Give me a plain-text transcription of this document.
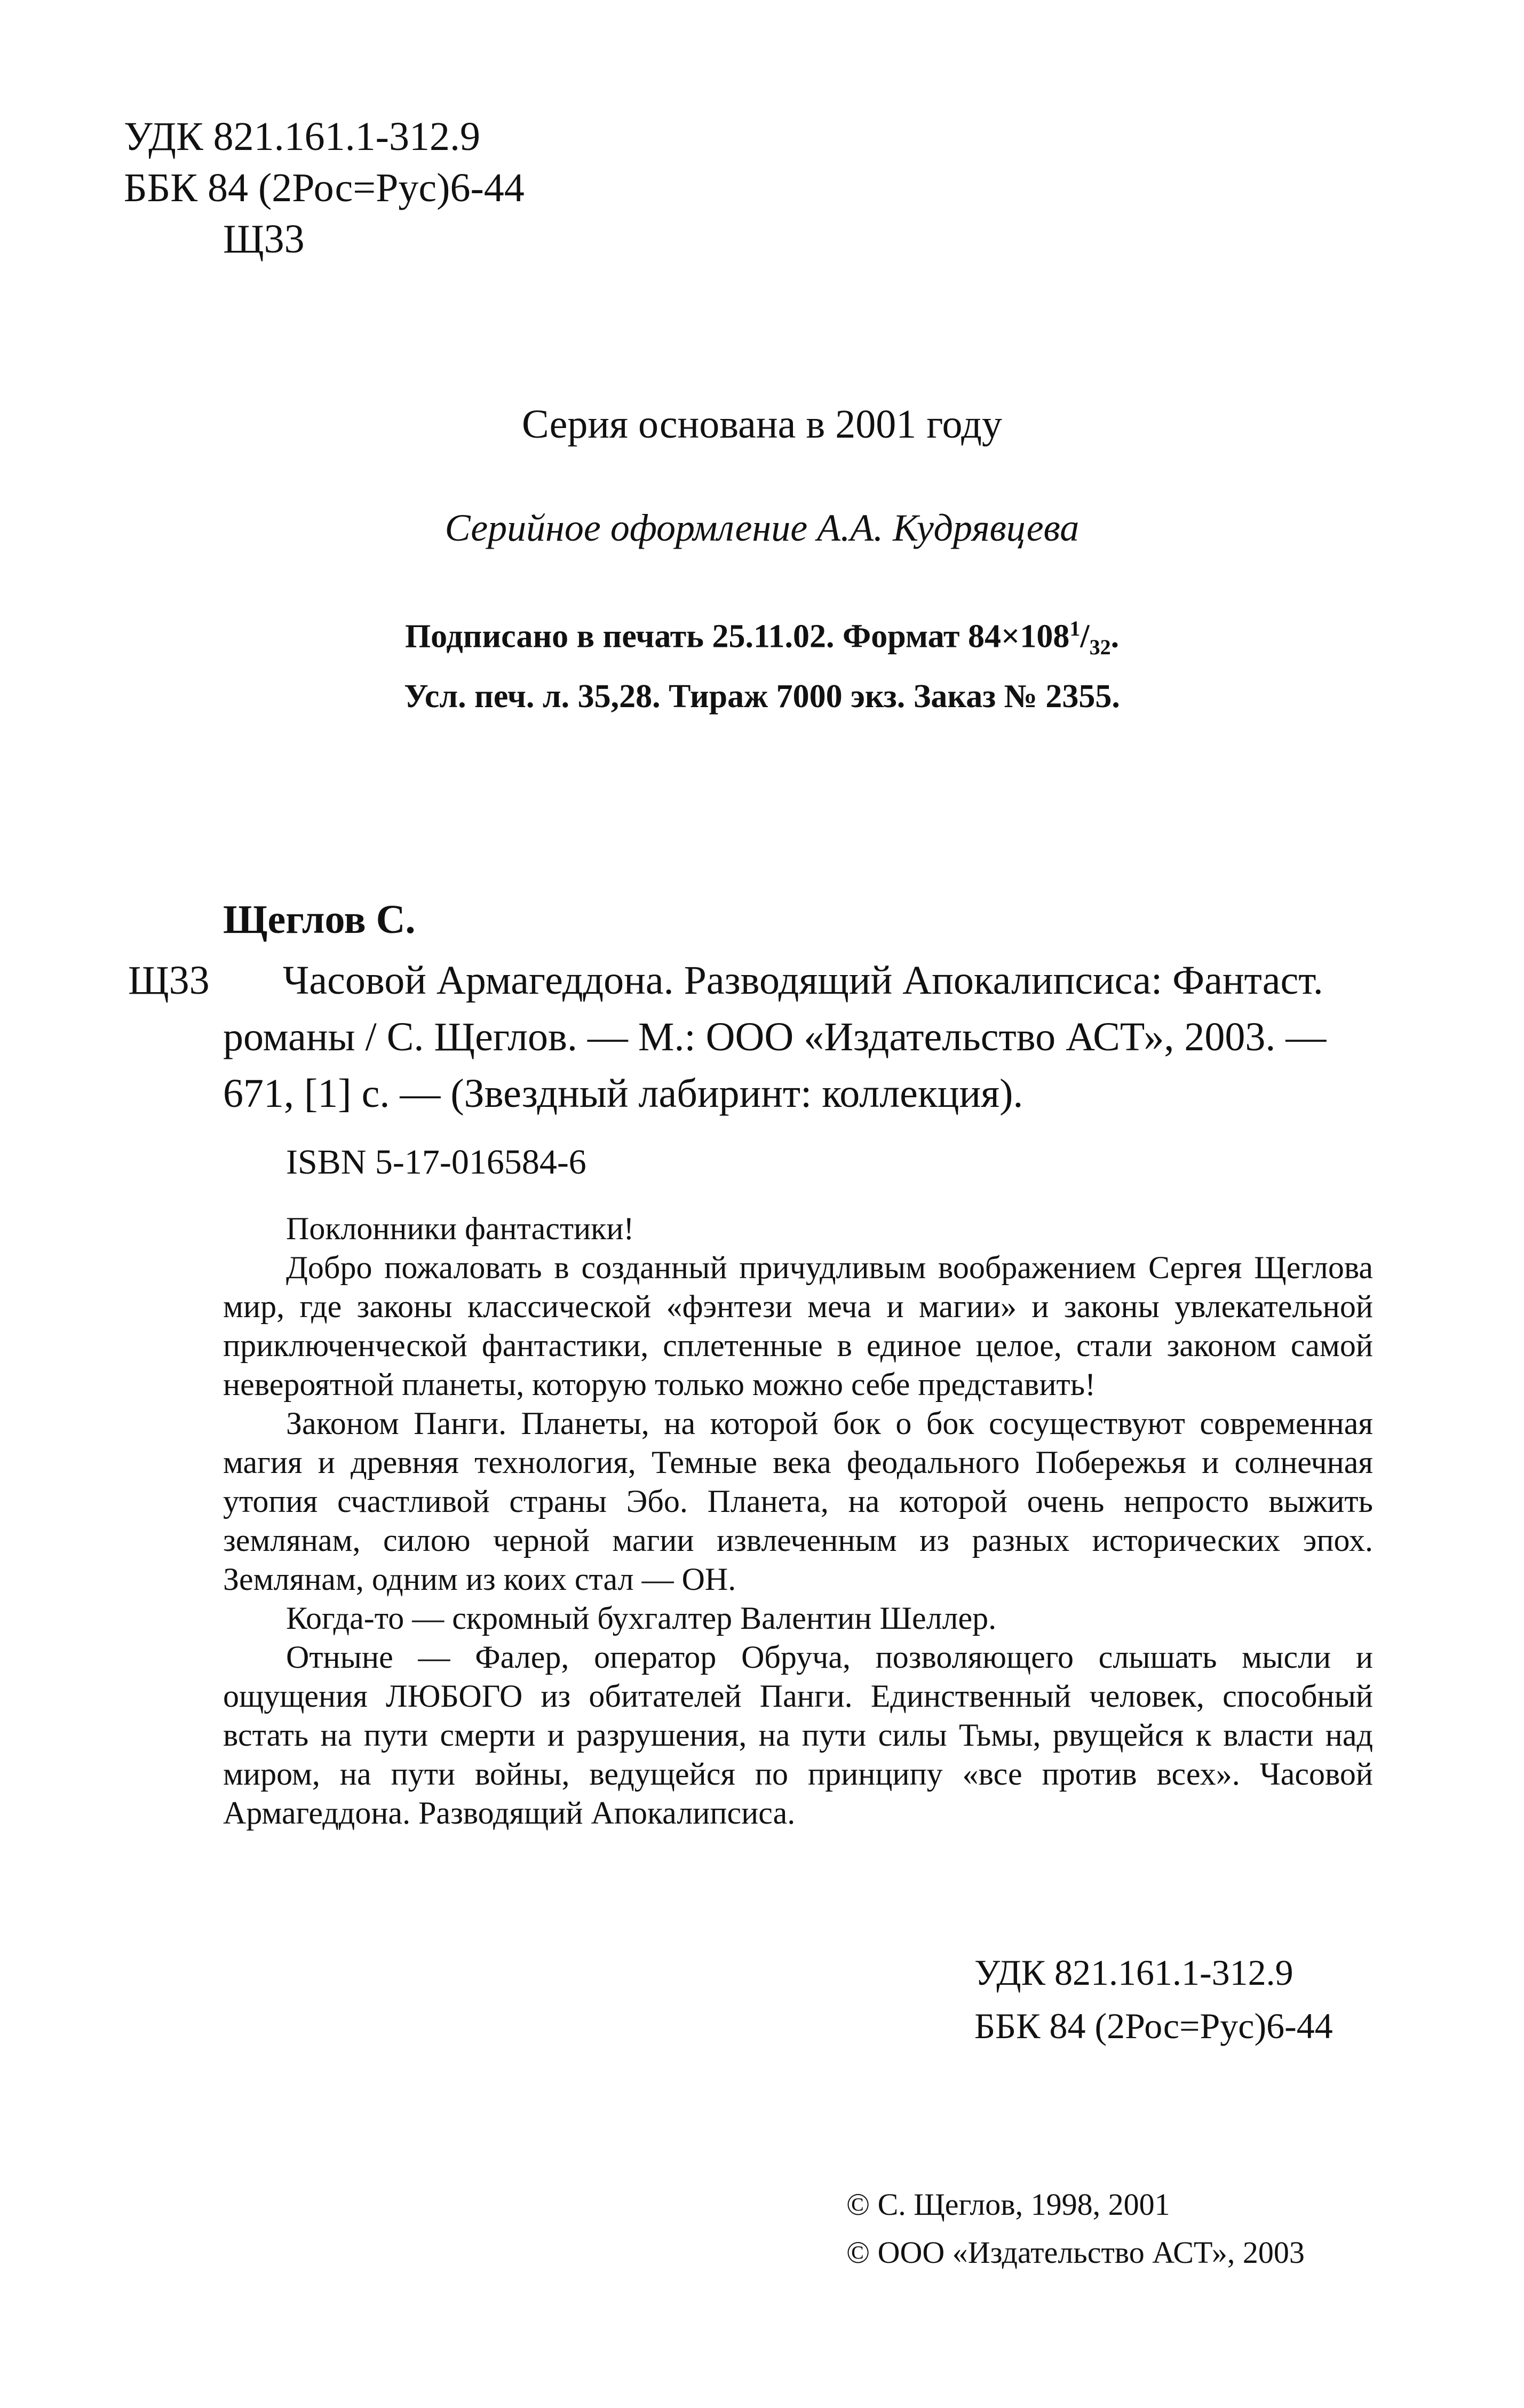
УДК 821.161.1-312.9
ББК 84 (2Рос=Рус)6-44
Щ33
Серия основана в 2001 году
Серийное оформление А.А. Кудрявцева
Подписано в печать 25.11.02. Формат $84\times 108^1/_{32}$.
Усл. печ. л. 35,28. Тираж 7000 экз. Заказ № 2355.
Щеглов С.
Щ33 Часовой Армагеддона. Разводящий Апокалипсиса: Фантаст.
романы / С. Щеглов. — М.: ООО «Издательство АСТ», 2003. —
671, [1] с. — (Звездный лабиринт: коллекция).
ISBN 5-17-016584-6

Поклонники фантастики!

Добро пожаловать в созданный причудливым воображением Сергея Щеглова мир, где законы классической «фэнтези меча и магии» и законы увлекательной приключенческой фантастики, сплетенные в единое целое, стали законом самой невероятной планеты, которую только можно себе представить!

Законом Панги. Планеты, на которой бок о бок сосуществуют современная магия и древняя технология, Темные века феодального Побережья и солнечная утопия счастливой страны Эбо. Планета, на которой очень непросто выжить землянам, силою черной магии извлеченным из разных исторических эпох. Землянам, одним из коих стал — ОН.

Когда-то — скромный бухгалтер Валентин Шеллер.

Отныне — Фалер, оператор Обруча, позволяющего слышать мысли и ощущения ЛЮБОГО из обитателей Панги. Единственный человек, способный встать на пути смерти и разрушения, на пути силы Тьмы, рвущейся к власти над миром, на пути войны, ведущейся по принципу «все против всех». Часовой Армагеддона. Разводящий Апокалипсиса.

УДК 821.161.1-312.9
ББК 84 (2Рос=Рус)6-44
© С. Щеглов, 1998, 2001
© ООО «Издательство АСТ», 2003
